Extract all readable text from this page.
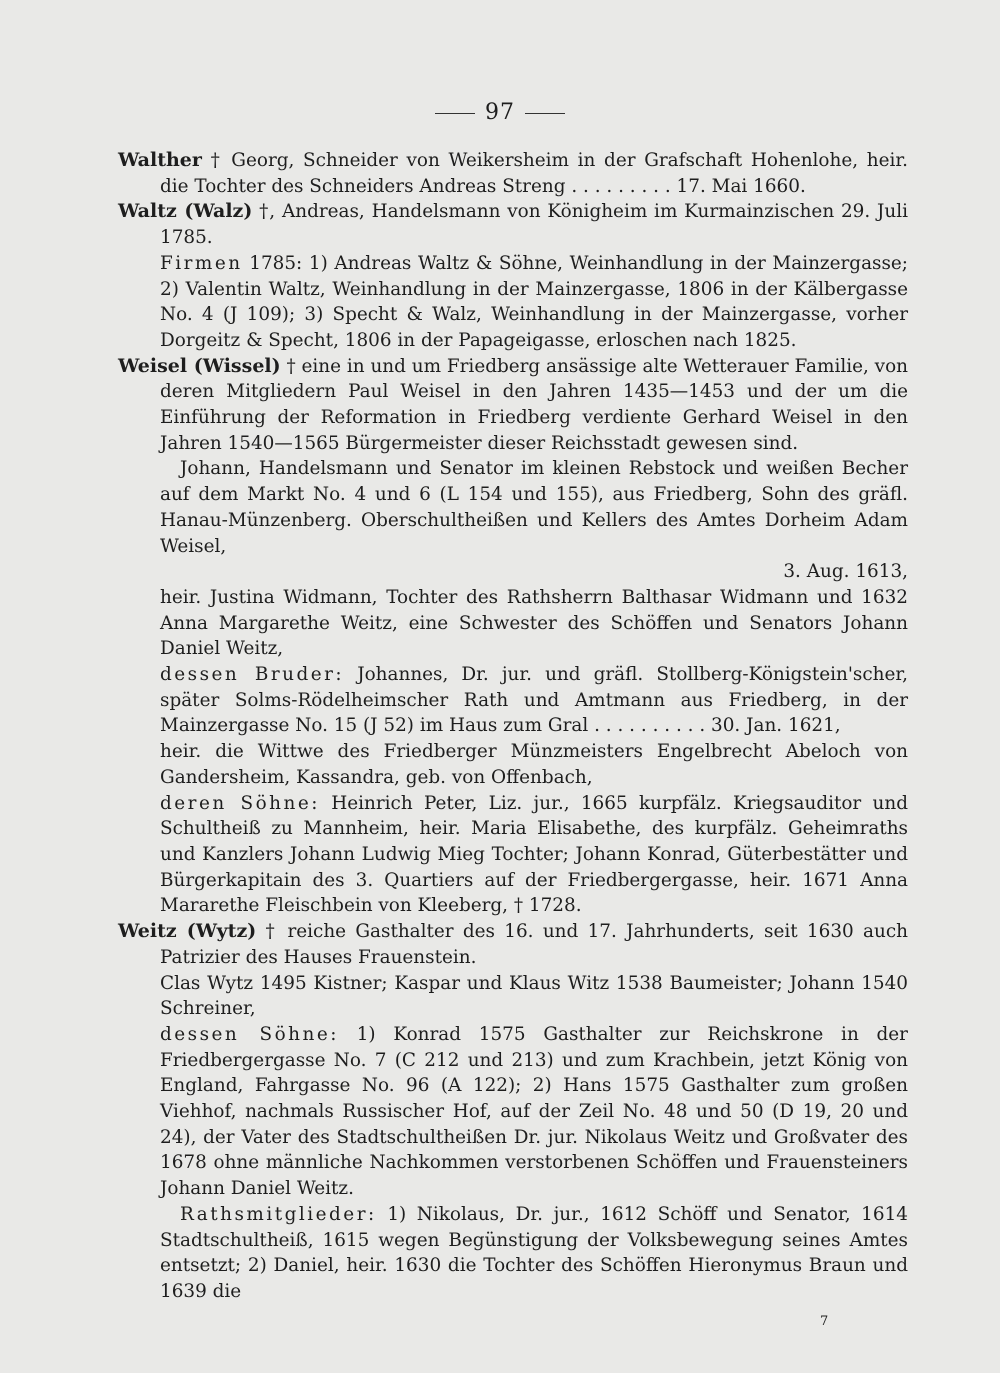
97

Walther † Georg, Schneider von Weikersheim in der Grafschaft Hohenlohe, heir. die Tochter des Schneiders Andreas Streng . . . . . . . . . 17. Mai 1660.

Waltz (Walz) †, Andreas, Handelsmann von Königheim im Kurmainzischen 29. Juli 1785.

Firmen 1785: 1) Andreas Waltz & Söhne, Weinhandlung in der Mainzergasse; 2) Valentin Waltz, Weinhandlung in der Mainzergasse, 1806 in der Kälbergasse No. 4 (J 109); 3) Specht & Walz, Weinhandlung in der Mainzergasse, vorher Dorgeitz & Specht, 1806 in der Papageigasse, erloschen nach 1825.

Weisel (Wissel) † eine in und um Friedberg ansässige alte Wetterauer Familie, von deren Mitgliedern Paul Weisel in den Jahren 1435—1453 und der um die Einführung der Reformation in Friedberg verdiente Gerhard Weisel in den Jahren 1540—1565 Bürgermeister dieser Reichsstadt gewesen sind.

Johann, Handelsmann und Senator im kleinen Rebstock und weißen Becher auf dem Markt No. 4 und 6 (L 154 und 155), aus Friedberg, Sohn des gräfl. Hanau-Münzenberg. Oberschultheißen und Kellers des Amtes Dorheim Adam Weisel,

3. Aug. 1613,

heir. Justina Widmann, Tochter des Rathsherrn Balthasar Widmann und 1632 Anna Margarethe Weitz, eine Schwester des Schöffen und Senators Johann Daniel Weitz,

dessen Bruder: Johannes, Dr. jur. und gräfl. Stollberg-Königstein'scher, später Solms-Rödelheimscher Rath und Amtmann aus Friedberg, in der Mainzergasse No. 15 (J 52) im Haus zum Gral . . . . . . . . . . 30. Jan. 1621,

heir. die Wittwe des Friedberger Münzmeisters Engelbrecht Abeloch von Gandersheim, Kassandra, geb. von Offenbach,

deren Söhne: Heinrich Peter, Liz. jur., 1665 kurpfälz. Kriegsauditor und Schultheiß zu Mannheim, heir. Maria Elisabethe, des kurpfälz. Geheimraths und Kanzlers Johann Ludwig Mieg Tochter; Johann Konrad, Güterbestätter und Bürgerkapitain des 3. Quartiers auf der Friedbergergasse, heir. 1671 Anna Mararethe Fleischbein von Kleeberg, † 1728.

Weitz (Wytz) † reiche Gasthalter des 16. und 17. Jahrhunderts, seit 1630 auch Patrizier des Hauses Frauenstein.

Clas Wytz 1495 Kistner; Kaspar und Klaus Witz 1538 Baumeister; Johann 1540 Schreiner,

dessen Söhne: 1) Konrad 1575 Gasthalter zur Reichskrone in der Friedbergergasse No. 7 (C 212 und 213) und zum Krachbein, jetzt König von England, Fahrgasse No. 96 (A 122); 2) Hans 1575 Gasthalter zum großen Viehhof, nachmals Russischer Hof, auf der Zeil No. 48 und 50 (D 19, 20 und 24), der Vater des Stadtschultheißen Dr. jur. Nikolaus Weitz und Großvater des 1678 ohne männliche Nachkommen verstorbenen Schöffen und Frauensteiners Johann Daniel Weitz.

Rathsmitglieder: 1) Nikolaus, Dr. jur., 1612 Schöff und Senator, 1614 Stadtschultheiß, 1615 wegen Begünstigung der Volksbewegung seines Amtes entsetzt; 2) Daniel, heir. 1630 die Tochter des Schöffen Hieronymus Braun und 1639 die

7
